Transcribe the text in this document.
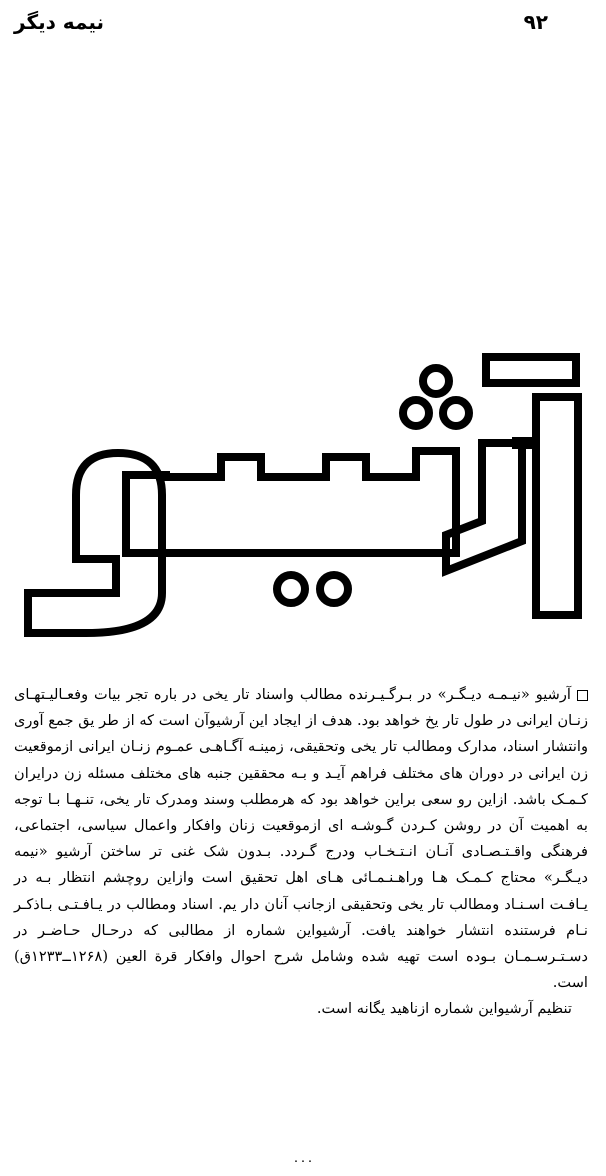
نیمه دیگر	۹۲

آرشیو «نیـمـه دیـگـر» در بـرگـیـرنده مطالب واسناد تار یخی در باره تجر بیات وفعـالیـتهـای زنـان ایرانی در طول تار یخ خواهد بود. هدف از ایجاد این آرشیوآن است که از طر یق جمع آوری وانتشار اسناد، مدارک ومطالب تار یخی وتحقیقی، زمینـه آگـاهـی عمـوم زنـان ایرانی ازموقعیت زن ایرانی در دوران های مختلف فراهم آیـد و بـه محققین جنبه های مختلف مسئله زن درایران کـمـک باشد. ازاین رو سعی براین خواهد بود که هرمطلب وسند ومدرک تار یخی، تنـهـا بـا توجه به اهمیت آن در روشن کـردن گـوشـه ای ازموقعیت زنان وافکار واعمال سیاسی، اجتماعی، فرهنگی واقـتـصـادی آنـان انـتـخـاب ودرج گـردد. بـدون شک غنی تر ساختن آرشیو «نیمه دیـگـر» محتاج کـمـک هـا وراهـنـمـائی هـای اهل تحقیق است وازاین روچشم انتظار بـه در یـافـت اسـنـاد ومطالب تار یخی وتحقیقی ازجانب آنان دار یم. اسناد ومطالب در یـافـتـی بـاذکـر نـام فرستنده انتشار خواهند یافت. آرشیواین شماره از مطالبی که درحـال حـاضـر در دسـتـرسـمـان بـوده است تهیه شده وشامل شرح احوال وافکار قرة العین (۱۲۶۸ــ۱۲۳۳ق) است.

تنظیم آرشیواین شماره ازناهید یگانه است.

۰۰۰
